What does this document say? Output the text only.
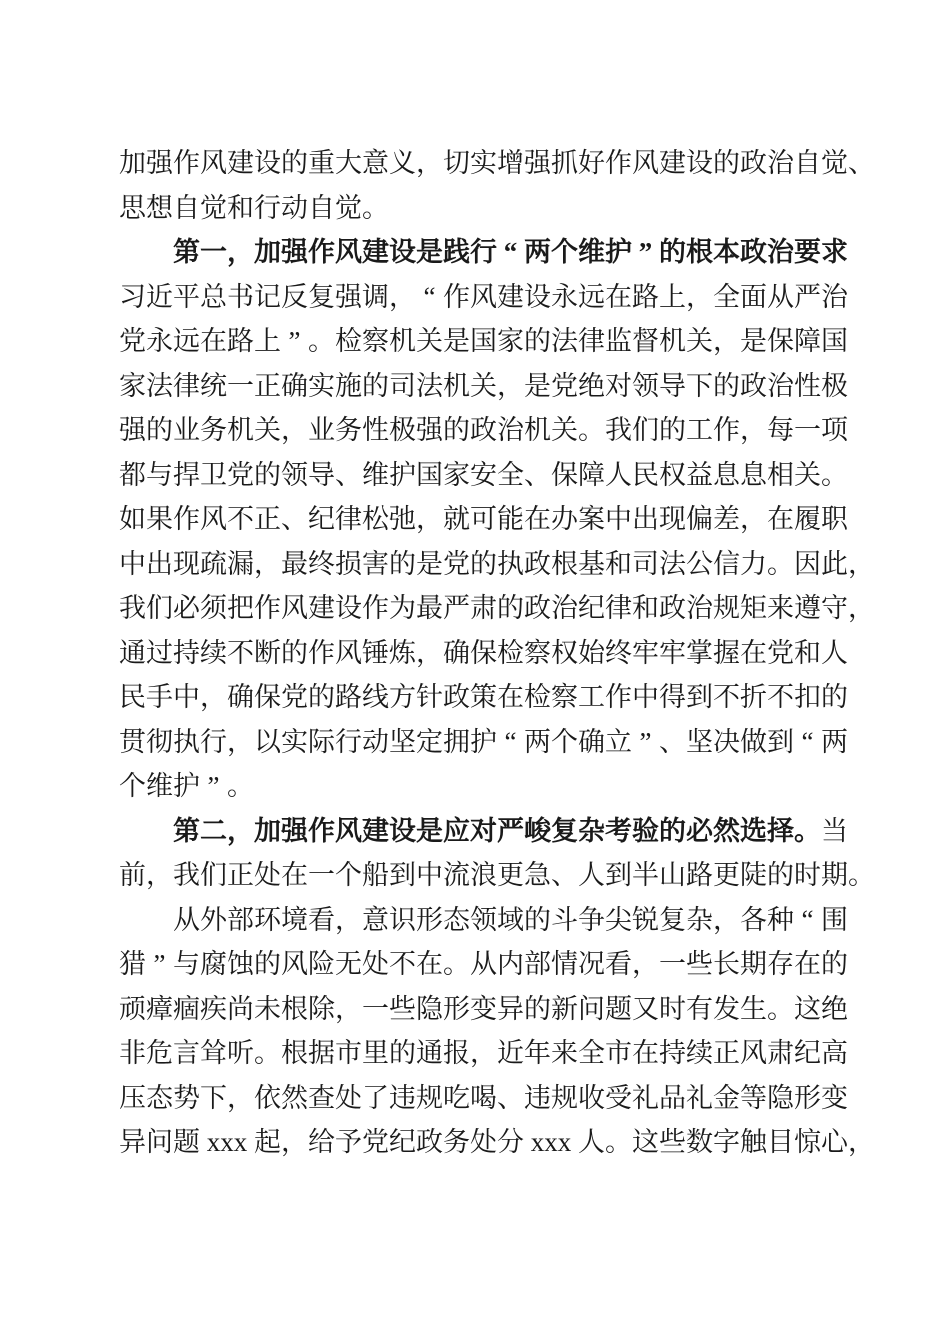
加强作风建设的重大意义，切实增强抓好作风建设的政治自觉、
思想自觉和行动自觉。
第一，加强作风建设是践行 “ 两个维护 ” 的根本政治要求
习近平总书记反复强调， “ 作风建设永远在路上，全面从严治
党永远在路上 ” 。检察机关是国家的法律监督机关，是保障国
家法律统一正确实施的司法机关，是党绝对领导下的政治性极
强的业务机关，业务性极强的政治机关。我们的工作，每一项
都与捍卫党的领导、维护国家安全、保障人民权益息息相关。
如果作风不正、纪律松弛，就可能在办案中出现偏差，在履职
中出现疏漏，最终损害的是党的执政根基和司法公信力。因此，
我们必须把作风建设作为最严肃的政治纪律和政治规矩来遵守，
通过持续不断的作风锤炼，确保检察权始终牢牢掌握在党和人
民手中，确保党的路线方针政策在检察工作中得到不折不扣的
贯彻执行，以实际行动坚定拥护 “ 两个确立 ” 、坚决做到 “ 两
个维护 ” 。
第二，加强作风建设是应对严峻复杂考验的必然选择。当
前，我们正处在一个船到中流浪更急、人到半山路更陡的时期。
从外部环境看，意识形态领域的斗争尖锐复杂，各种 “ 围
猎 ” 与腐蚀的风险无处不在。从内部情况看，一些长期存在的
顽瘴痼疾尚未根除，一些隐形变异的新问题又时有发生。这绝
非危言耸听。根据市里的通报，近年来全市在持续正风肃纪高
压态势下，依然查处了违规吃喝、违规收受礼品礼金等隐形变
异问题 xxx 起，给予党纪政务处分 xxx 人。这些数字触目惊心，
